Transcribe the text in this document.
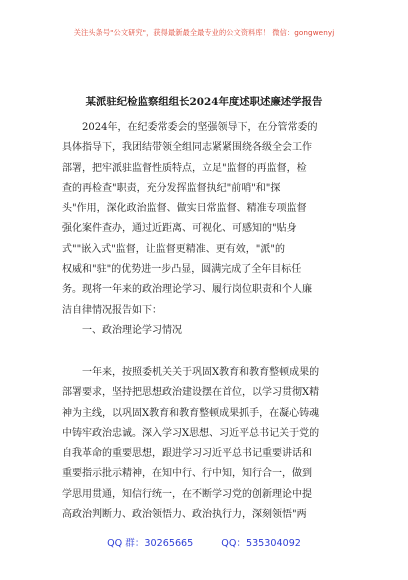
关注头条号"公文研究"，获得最新最全最专业的公文资料库！ 微信：gongwenyj
某派驻纪检监察组组长2024年度述职述廉述学报告
　　2024年，在纪委常委会的坚强领导下，在分管常委的
具体指导下，我团结带领全组同志紧紧围绕各级全会工作
部署，把牢派驻监督性质特点，立足"监督的再监督，检
查的再检查"职责，充分发挥监督执纪"前哨"和"探
头"作用，深化政治监督、做实日常监督、精准专项监督
强化案件查办，通过近距离、可视化、可感知的"贴身
式""嵌入式"监督，让监督更精准、更有效，"派"的
权威和"驻"的优势进一步凸显，圆满完成了全年目标任
务。现将一年来的政治理论学习、履行岗位职责和个人廉
洁自律情况报告如下：
　　一、政治理论学习情况
　　一年来，按照委机关关于巩固X教育和教育整顿成果的
部署要求，坚持把思想政治建设摆在首位，以学习贯彻X精
神为主线，以巩固X教育和教育整顿成果抓手，在凝心铸魂
中铸牢政治忠诚。深入学习X思想、习近平总书记关于党的
自我革命的重要思想，跟进学习习近平总书记重要讲话和
重要指示批示精神，在知中行、行中知，知行合一，做到
学思用贯通，知信行统一，在不断学习党的创新理论中提
高政治判断力、政治领悟力、政治执行力，深刻领悟"两
QQ 群：30265665	QQ：535304092
